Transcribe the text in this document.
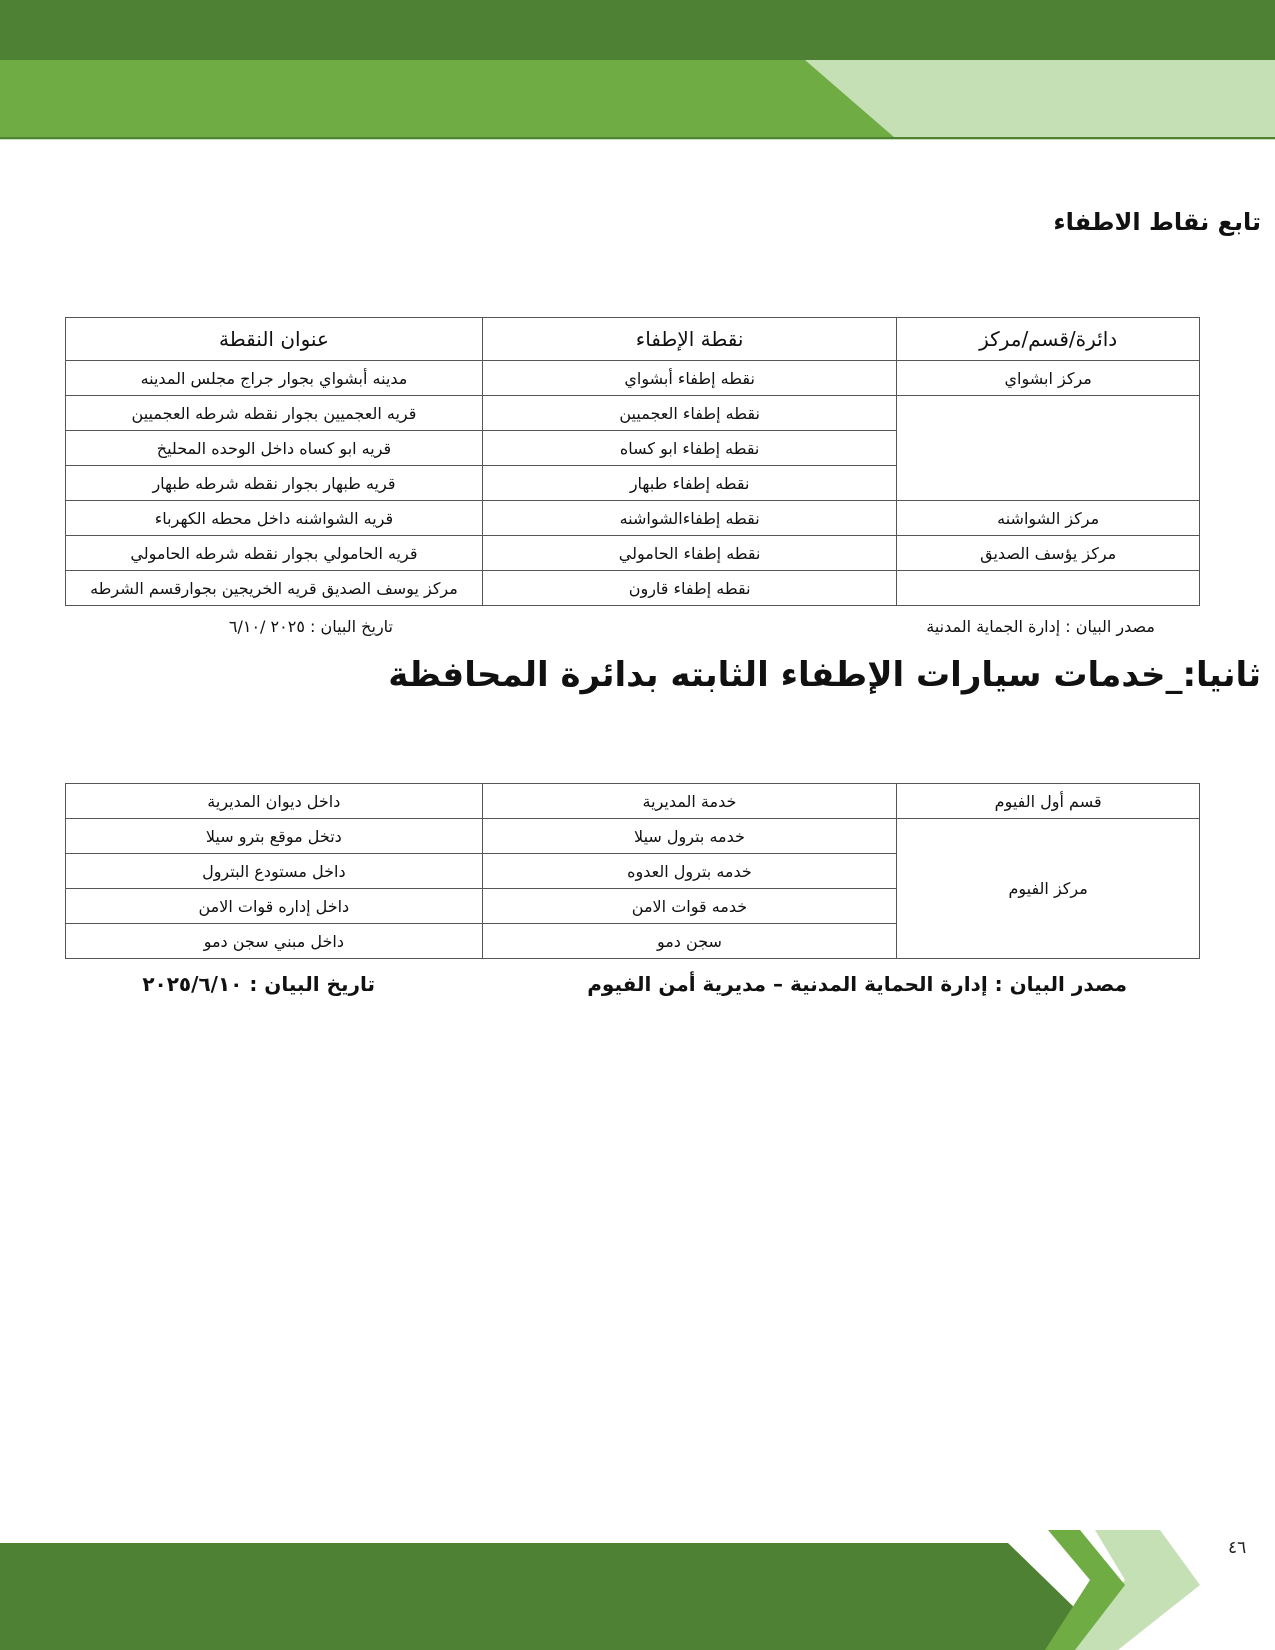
تابع نقاط الاطفاء
دائرة/قسم/مركز	نقطة الإطفاء	عنوان النقطة
مركز ابشواي	نقطه إطفاء أبشواي	مدينه أبشواي بجوار جراج مجلس المدينه
	نقطه إطفاء العجميين	قريه العجميين بجوار نقطه شرطه العجميين
	نقطه إطفاء ابو كساه	قريه ابو كساه داخل الوحده المحليخ
	نقطه إطفاء طبهار	قريه طبهار بجوار نقطه شرطه طبهار
مركز الشواشنه	نقطه إطفاءالشواشنه	قريه الشواشنه داخل محطه الكهرباء
مركز يؤسف الصديق	نقطه إطفاء الحامولي	قريه الحامولي بجوار نقطه شرطه الحامولي
	نقطه إطفاء قارون	مركز يوسف الصديق قريه الخريجين بجوارقسم الشرطه
مصدر البيان : إدارة الجماية المدنية
تاريخ البيان : ٢٠٢٥ /٦/١٠
ثانيا:_خدمات سيارات الإطفاء الثابته بدائرة المحافظة
قسم أول الفيوم	خدمة المديرية	داخل ديوان المديرية
مركز الفيوم	خدمه بترول سيلا	دتخل موقع بترو سيلا
	خدمه بترول العدوه	داخل مستودع البترول
	خدمه قوات الامن	داخل إداره قوات الامن
	سجن دمو	داخل مبني سجن دمو
مصدر البيان : إدارة الحماية المدنية – مديرية أمن الفيوم
تاريخ البيان : ٢٠٢٥/٦/١٠
٤٦
